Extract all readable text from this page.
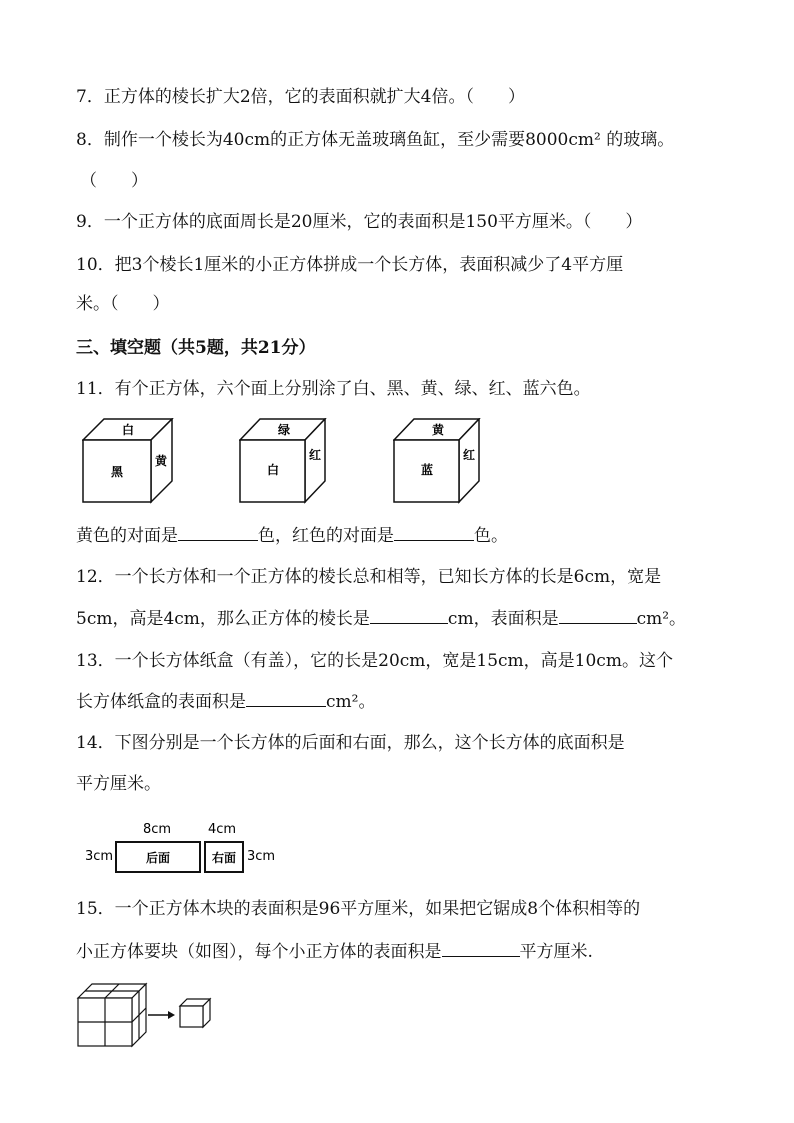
7．正方体的棱长扩大2倍，它的表面积就扩大4倍。（　　）
8．制作一个棱长为40cm的正方体无盖玻璃鱼缸，至少需要8000cm² 的玻璃。
（　　）
9．一个正方体的底面周长是20厘米，它的表面积是150平方厘米。（　　）
10．把3个棱长1厘米的小正方体拼成一个长方体，表面积减少了4平方厘
米。（　　）
三、填空题（共5题，共21分）
11．有个正方体，六个面上分别涂了白、黑、黄、绿、红、蓝六色。
白
黑
黄
绿
白
红
黄
蓝
红
黄色的对面是	色，红色的对面是	色。
12．一个长方体和一个正方体的棱长总和相等，已知长方体的长是6cm，宽是
5cm，高是4cm，那么正方体的棱长是	cm，表面积是	cm²。
13．一个长方体纸盒（有盖），它的长是20cm，宽是15cm，高是10cm。这个
长方体纸盒的表面积是	cm²。
14．下图分别是一个长方体的后面和右面，那么，这个长方体的底面积是
平方厘米。
8cm	4cm
3cm	后面	右面 3cm
15．一个正方体木块的表面积是96平方厘米，如果把它锯成8个体积相等的
小正方体要块（如图），每个小正方体的表面积是	平方厘米.
